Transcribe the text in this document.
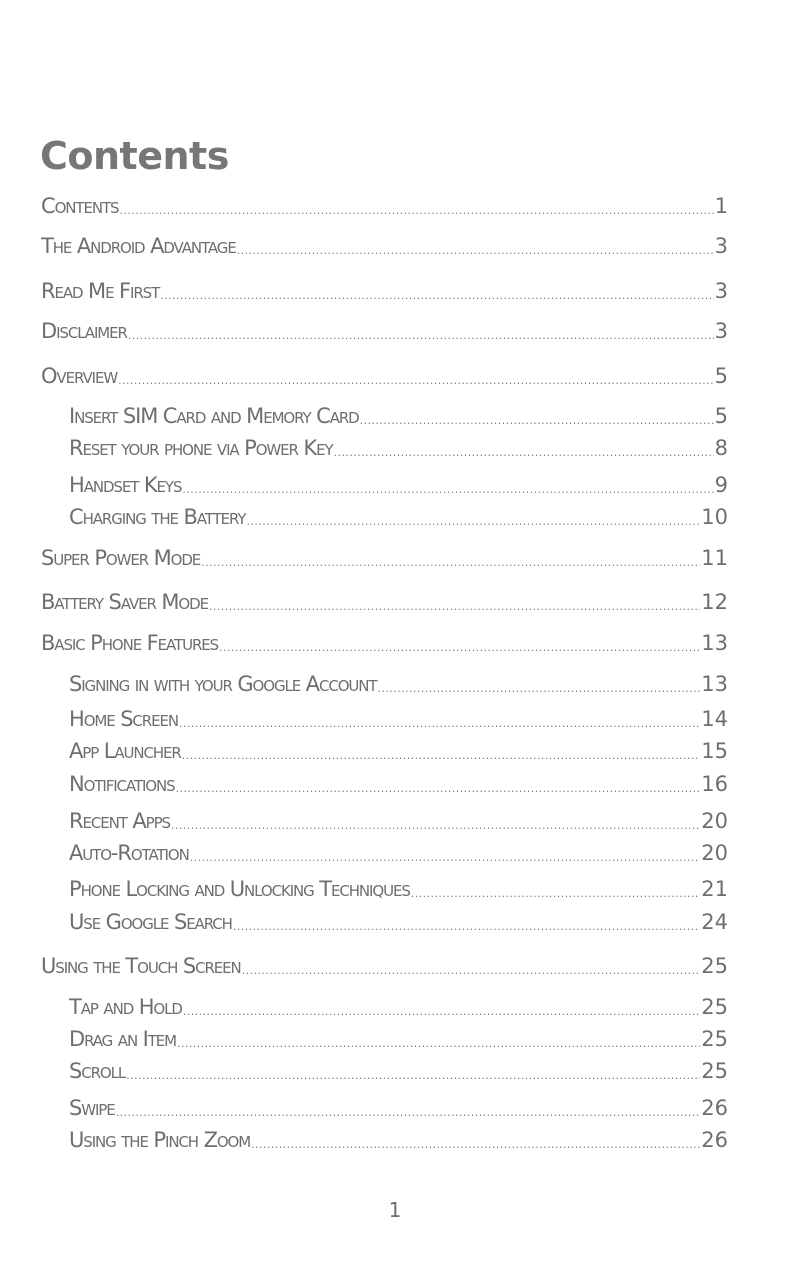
Contents
Contents .....	1
The Android Advantage .....	3
Read Me First .....	3
Disclaimer .....	3
Overview .....	5
Insert SIM Card and Memory Card .....	5
Reset your phone via Power Key .....	8
Handset Keys .....	9
Charging the Battery .....	10
Super Power Mode .....	11
Battery Saver Mode .....	12
Basic Phone Features .....	13
Signing in with your Google Account .....	13
Home Screen .....	14
App Launcher .....	15
Notifications .....	16
Recent Apps .....	20
Auto-Rotation .....	20
Phone Locking and Unlocking Techniques .....	21
Use Google Search .....	24
Using the Touch Screen .....	25
Tap and Hold .....	25
Drag an Item .....	25
Scroll .....	25
Swipe .....	26
Using the Pinch Zoom .....	26
1
